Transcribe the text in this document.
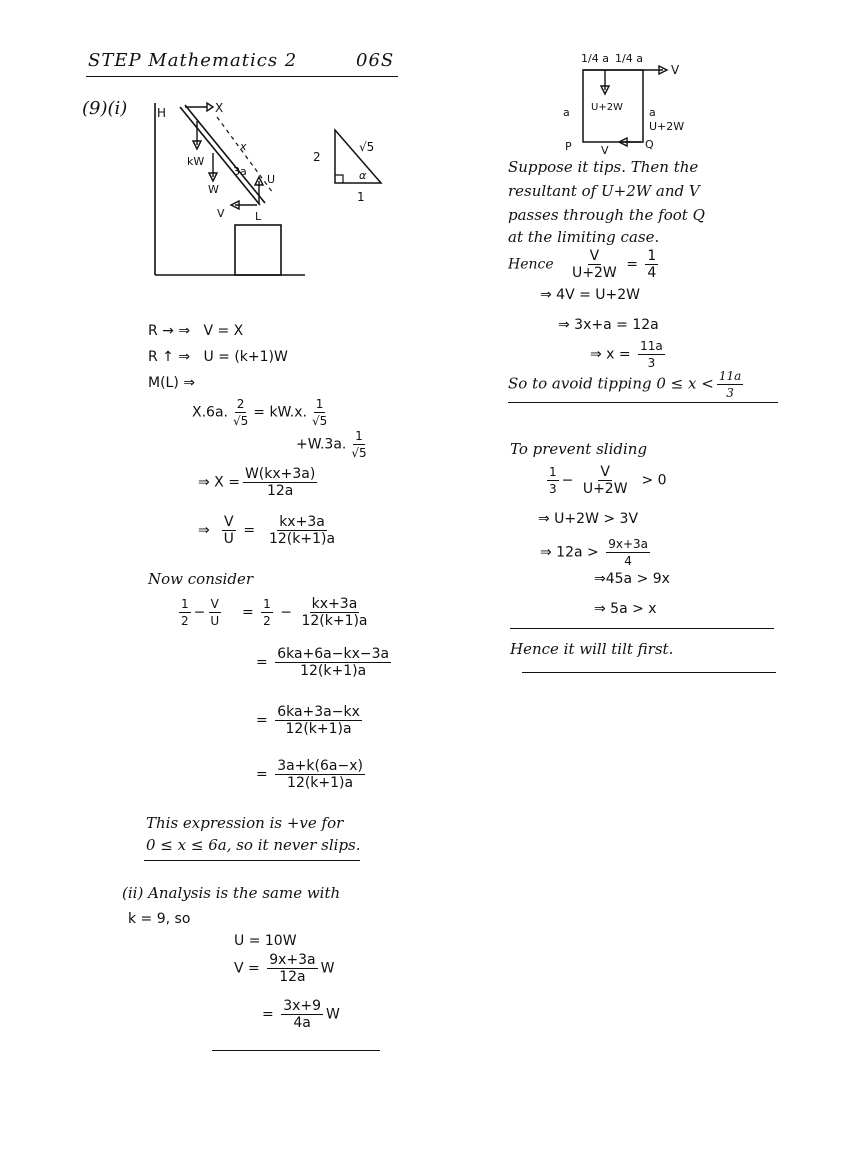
STEP Mathematics 2	06S
(9)(i) H	X
kW
W
3a
x
U
V	L
2
√5
1
α
1/4 a 1/4 a
V
U+2W
a	a
U+2W
P	V	Q
R → ⇒ V = X
R ↑ ⇒ U = (k+1)W
M(L) ⇒
X.6a. $\frac{2}{√5} = kW.x$. $\frac{1}{√5}$
+W.3a. $\frac{1}{√5}$
⇒ $X = \frac{W(kx+3a)}{12a}$
⇒ $\frac{V}{U} = \frac{kx+3a}{12(k+1)a}$
Now consider
$\frac{1}{2} - \frac{V}{U} = \frac{1}{2} - \frac{kx+3a}{12(k+1)a}$
= $\frac{6ka+6a-kx-3a}{12(k+1)a}$
= $\frac{6ka+3a-kx}{12(k+1)a}$
= $\frac{3a+k(6a-x)}{12(k+1)a}$
This expression is +ve for
0 ≤ x ≤ 6a, so it never slips.
(ii) Analysis is the same with
k = 9, so
U = 10W
$V = \frac{9x+3a}{12a}$ W
= $\frac{3x+9}{4a}$ W
Suppose it tips. Then the
resultant of U+2W and V
passes through the foot Q
at the limiting case.
Hence $\frac{V}{U+2W} = \frac{1}{4}$
⇒ 4V = U+2W
⇒ 3x+a = 12a
⇒ $x = \frac{11a}{3}$
So to avoid tipping $0 \le x < \frac{11a}{3}$
To prevent sliding
$\frac{1}{3} - \frac{V}{U+2W} > 0$
⇒ U+2W > 3V
⇒ $12a > \frac{9x+3a}{4}$
⇒45a > 9x
⇒ 5a > x
Hence it will tilt first.
